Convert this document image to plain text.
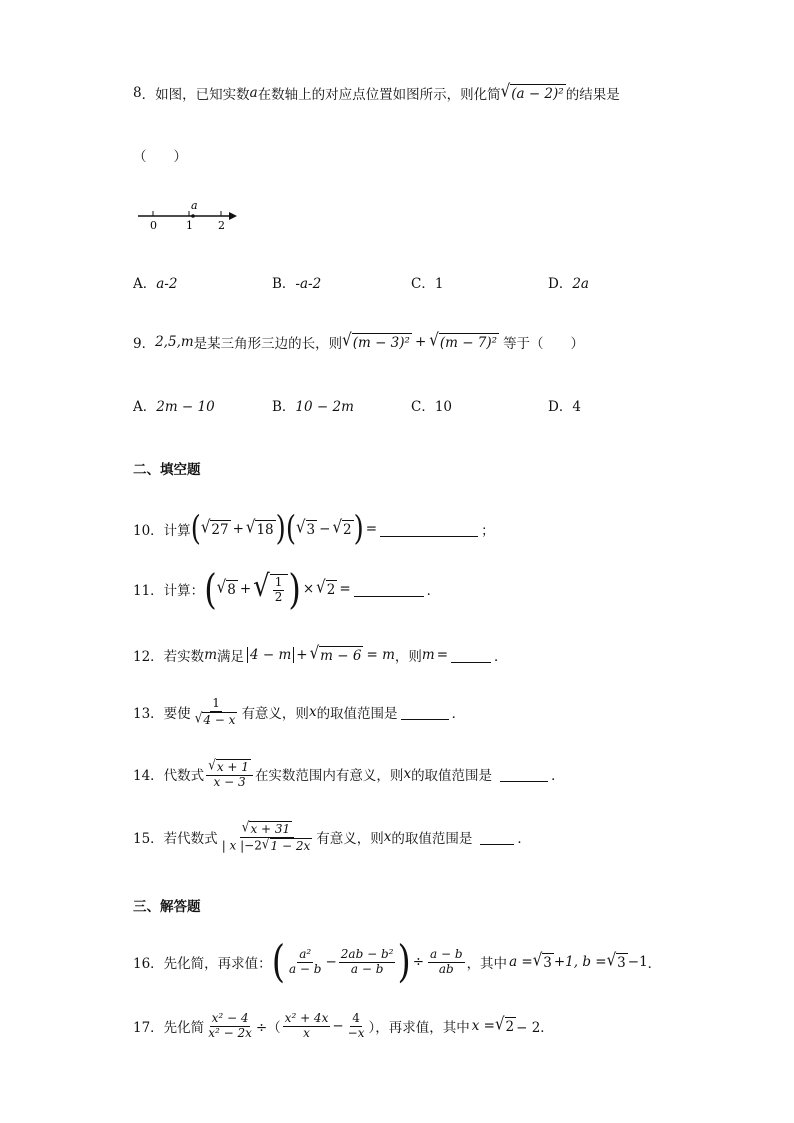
8 ．如图，已知实数 a 在数轴上的对应点位置如图所示，则化简 √ (a − 2)² 的结果是
（　　）
a
0	1 2
A．a-2	B．-a-2	C．1	D．2a
9． 2,5,m 是某三角形三边的长，则 √ (m − 3)² + √ (m − 7)² 等于（　　）
A．2m − 10	B．10 − 2m	C．10	D．4
二、填空题
10．计算 ( √ 27 + √ 18 ) ( √ 3 − √ 2 ) =	；
11．计算： ( √ 8 + √ $\frac{1}{2}$ ) × √ 2 =	．
12．若实数 m 满足 4 − m + √ m − 6 = m ，则 m =	．
13．要使 $\frac{1}{√ 4 - x}$ 有意义，则 x 的取值范围是	．
14．代数式 $\frac{√ x + 1}{x - 3}$ 在实数范围内有意义，则 x 的取值范围是	．
15．若代数式 $\frac{√ x + 31}{| x |-2 √ 1 - 2x}$ 有意义，则 x 的取值范围是	．
三、解答题
16．先化简，再求值： ( $\frac{\text{a²}}{a - b} - \frac{\text{2ab − b²}}{a - b}$ ) ÷ $\frac{a - b}{ab}$ ，其中 a = √ 3 +1, b = √ 3 −1 ．
17．先化简 $\frac{\text{x² − 4}}{\text{x² − 2x}}$ ÷（ $\frac{\text{x² + 4x}}{x} - \frac{4}{-x}$ ），再求值，其中 x = √ 2 − 2．
